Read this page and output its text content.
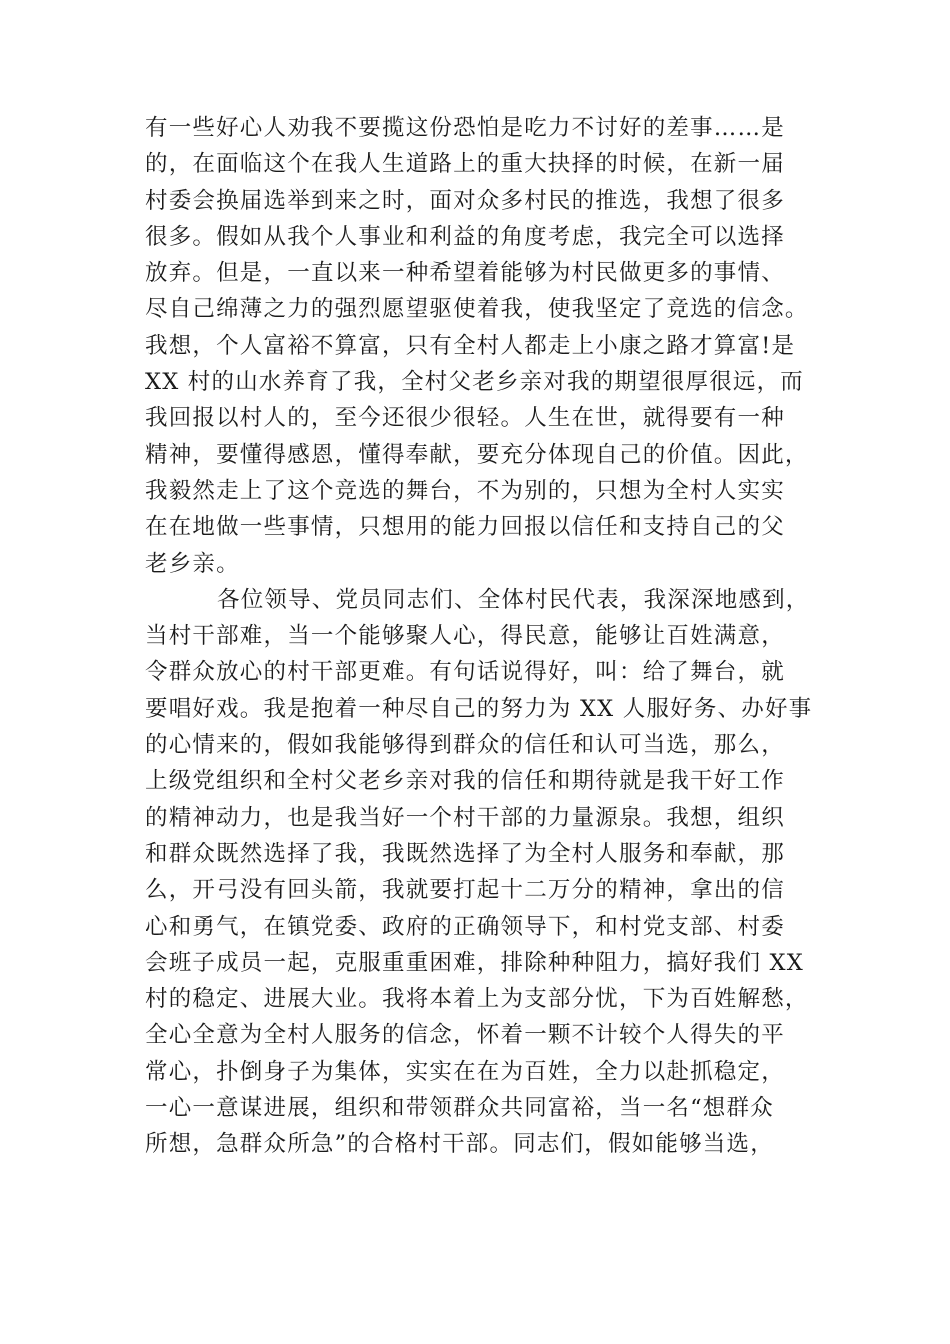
有一些好心人劝我不要揽这份恐怕是吃力不讨好的差事……是
的，在面临这个在我人生道路上的重大抉择的时候，在新一届
村委会换届选举到来之时，面对众多村民的推选，我想了很多
很多。假如从我个人事业和利益的角度考虑，我完全可以选择
放弃。但是，一直以来一种希望着能够为村民做更多的事情、
尽自己绵薄之力的强烈愿望驱使着我，使我坚定了竞选的信念。
我想，个人富裕不算富，只有全村人都走上小康之路才算富!是
XX 村的山水养育了我，全村父老乡亲对我的期望很厚很远，而
我回报以村人的，至今还很少很轻。人生在世，就得要有一种
精神，要懂得感恩，懂得奉献，要充分体现自己的价值。因此，
我毅然走上了这个竞选的舞台，不为别的，只想为全村人实实
在在地做一些事情，只想用的能力回报以信任和支持自己的父
老乡亲。
各位领导、党员同志们、全体村民代表，我深深地感到，
当村干部难，当一个能够聚人心，得民意，能够让百姓满意，
令群众放心的村干部更难。有句话说得好，叫：给了舞台，就
要唱好戏。我是抱着一种尽自己的努力为 XX 人服好务、办好事
的心情来的，假如我能够得到群众的信任和认可当选，那么，
上级党组织和全村父老乡亲对我的信任和期待就是我干好工作
的精神动力，也是我当好一个村干部的力量源泉。我想，组织
和群众既然选择了我，我既然选择了为全村人服务和奉献，那
么，开弓没有回头箭，我就要打起十二万分的精神，拿出的信
心和勇气，在镇党委、政府的正确领导下，和村党支部、村委
会班子成员一起，克服重重困难，排除种种阻力，搞好我们 XX
村的稳定、进展大业。我将本着上为支部分忧，下为百姓解愁，
全心全意为全村人服务的信念，怀着一颗不计较个人得失的平
常心，扑倒身子为集体，实实在在为百姓，全力以赴抓稳定，
一心一意谋进展，组织和带领群众共同富裕，当一名“想群众
所想，急群众所急”的合格村干部。同志们，假如能够当选，
